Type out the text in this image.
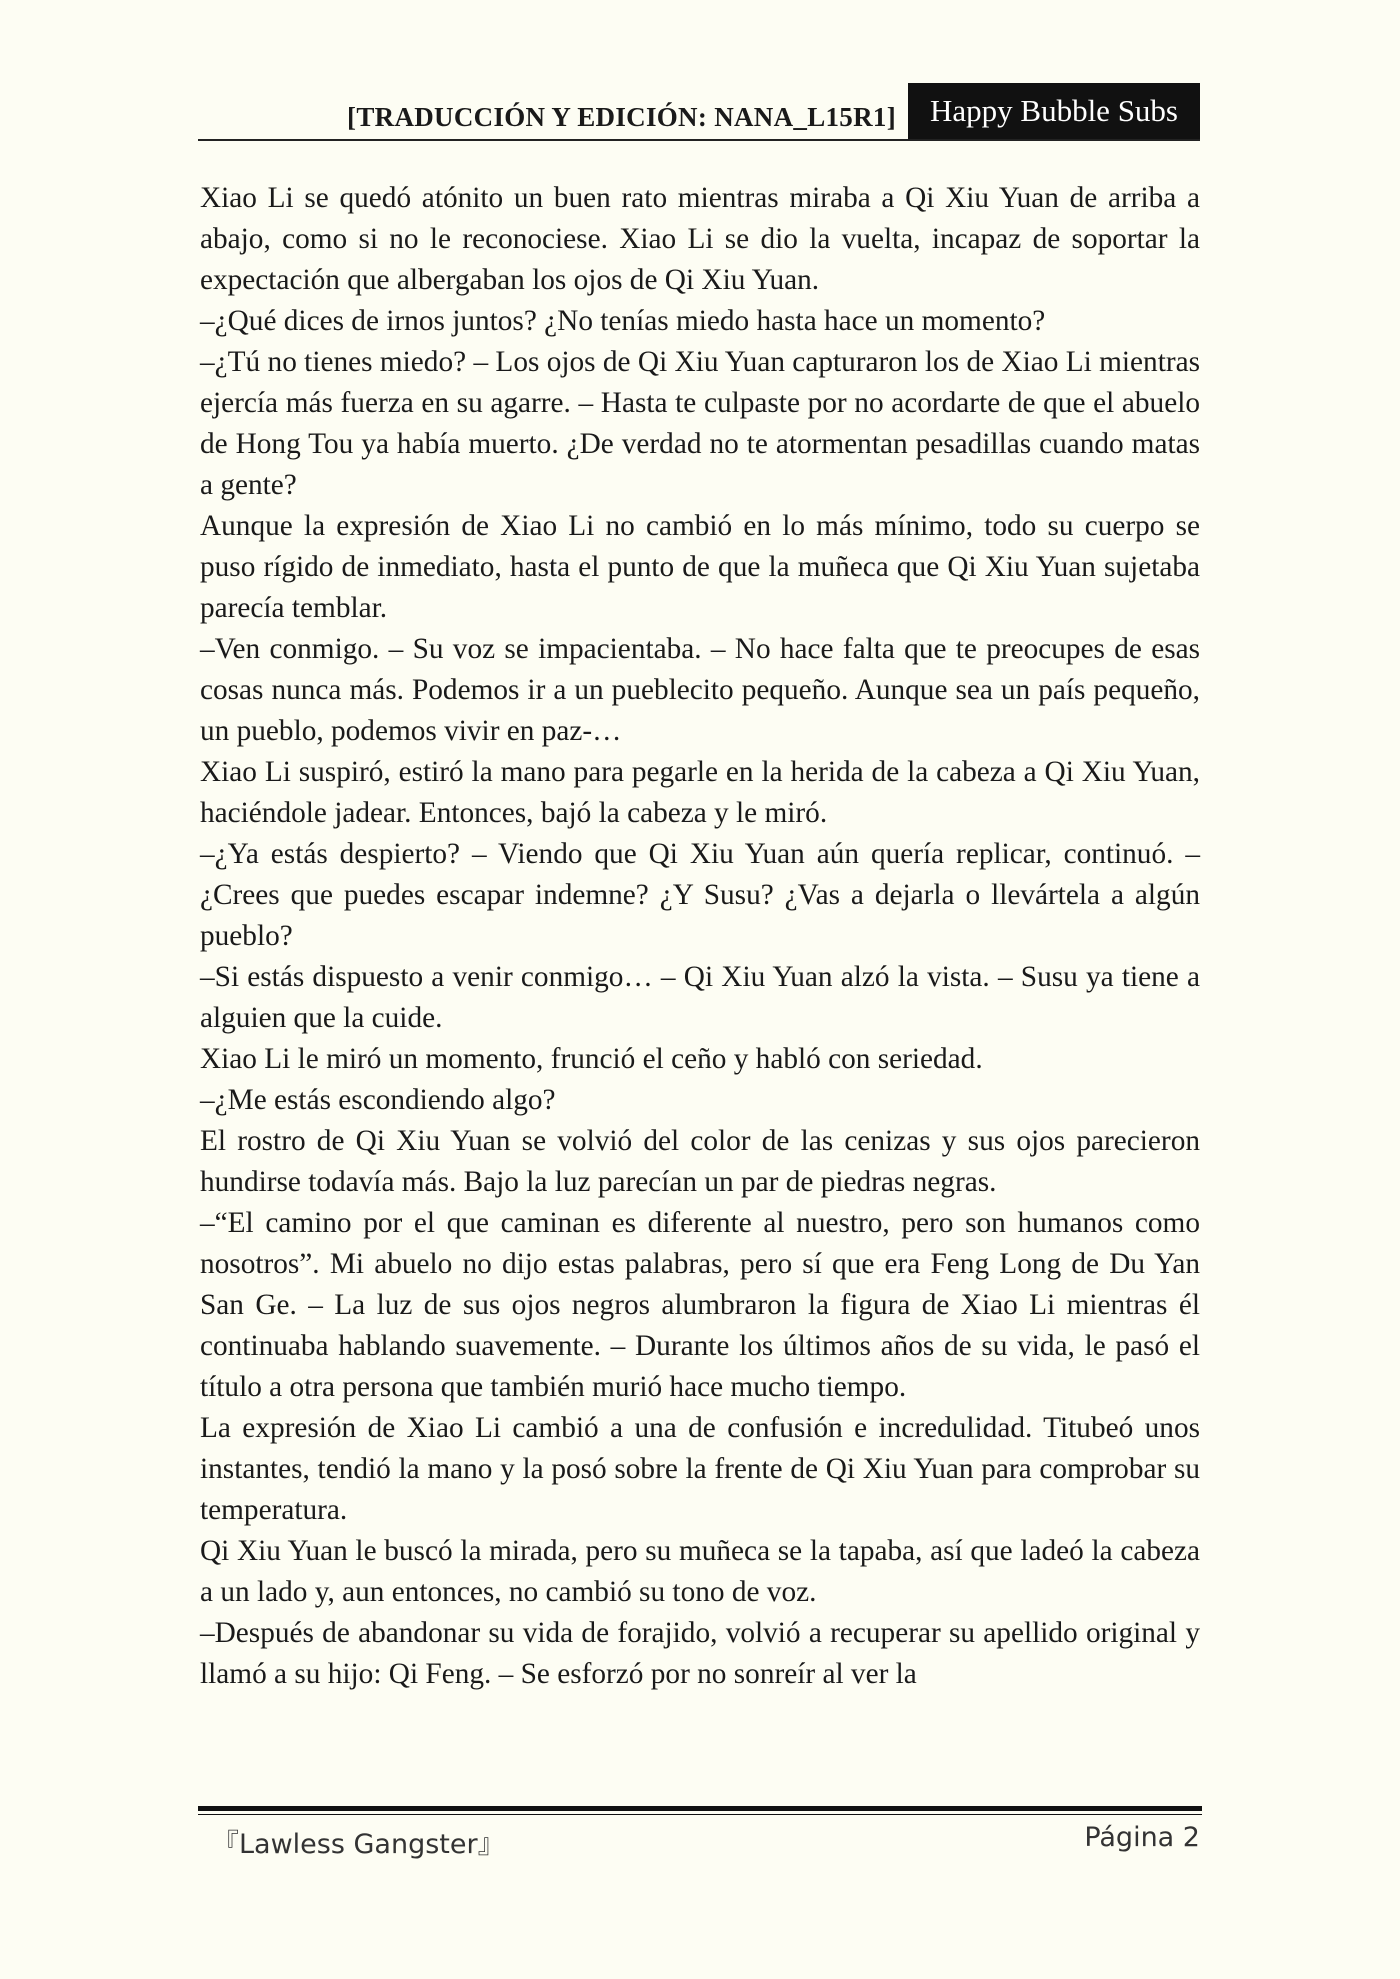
[TRADUCCIÓN Y EDICIÓN: NANA_L15R1]	Happy Bubble Subs

Xiao Li se quedó atónito un buen rato mientras miraba a Qi Xiu Yuan de arriba a abajo, como si no le reconociese. Xiao Li se dio la vuelta, incapaz de soportar la expectación que albergaban los ojos de Qi Xiu Yuan.

–¿Qué dices de irnos juntos? ¿No tenías miedo hasta hace un momento?

–¿Tú no tienes miedo? – Los ojos de Qi Xiu Yuan capturaron los de Xiao Li mientras ejercía más fuerza en su agarre. – Hasta te culpaste por no acordarte de que el abuelo de Hong Tou ya había muerto. ¿De verdad no te atormentan pesadillas cuando matas a gente?

Aunque la expresión de Xiao Li no cambió en lo más mínimo, todo su cuerpo se puso rígido de inmediato, hasta el punto de que la muñeca que Qi Xiu Yuan sujetaba parecía temblar.

–Ven conmigo. – Su voz se impacientaba. – No hace falta que te preocupes de esas cosas nunca más. Podemos ir a un pueblecito pequeño. Aunque sea un país pequeño, un pueblo, podemos vivir en paz-…

Xiao Li suspiró, estiró la mano para pegarle en la herida de la cabeza a Qi Xiu Yuan, haciéndole jadear. Entonces, bajó la cabeza y le miró.

–¿Ya estás despierto? – Viendo que Qi Xiu Yuan aún quería replicar, continuó. – ¿Crees que puedes escapar indemne? ¿Y Susu? ¿Vas a dejarla o llevártela a algún pueblo?

–Si estás dispuesto a venir conmigo… – Qi Xiu Yuan alzó la vista. – Susu ya tiene a alguien que la cuide.

Xiao Li le miró un momento, frunció el ceño y habló con seriedad.

–¿Me estás escondiendo algo?

El rostro de Qi Xiu Yuan se volvió del color de las cenizas y sus ojos parecieron hundirse todavía más. Bajo la luz parecían un par de piedras negras.

–“El camino por el que caminan es diferente al nuestro, pero son humanos como nosotros”. Mi abuelo no dijo estas palabras, pero sí que era Feng Long de Du Yan San Ge. – La luz de sus ojos negros alumbraron la figura de Xiao Li mientras él continuaba hablando suavemente. – Durante los últimos años de su vida, le pasó el título a otra persona que también murió hace mucho tiempo.

La expresión de Xiao Li cambió a una de confusión e incredulidad. Titubeó unos instantes, tendió la mano y la posó sobre la frente de Qi Xiu Yuan para comprobar su temperatura.

Qi Xiu Yuan le buscó la mirada, pero su muñeca se la tapaba, así que ladeó la cabeza a un lado y, aun entonces, no cambió su tono de voz.

–Después de abandonar su vida de forajido, volvió a recuperar su apellido original y llamó a su hijo: Qi Feng. – Se esforzó por no sonreír al ver la

『Lawless Gangster』	Página 2
